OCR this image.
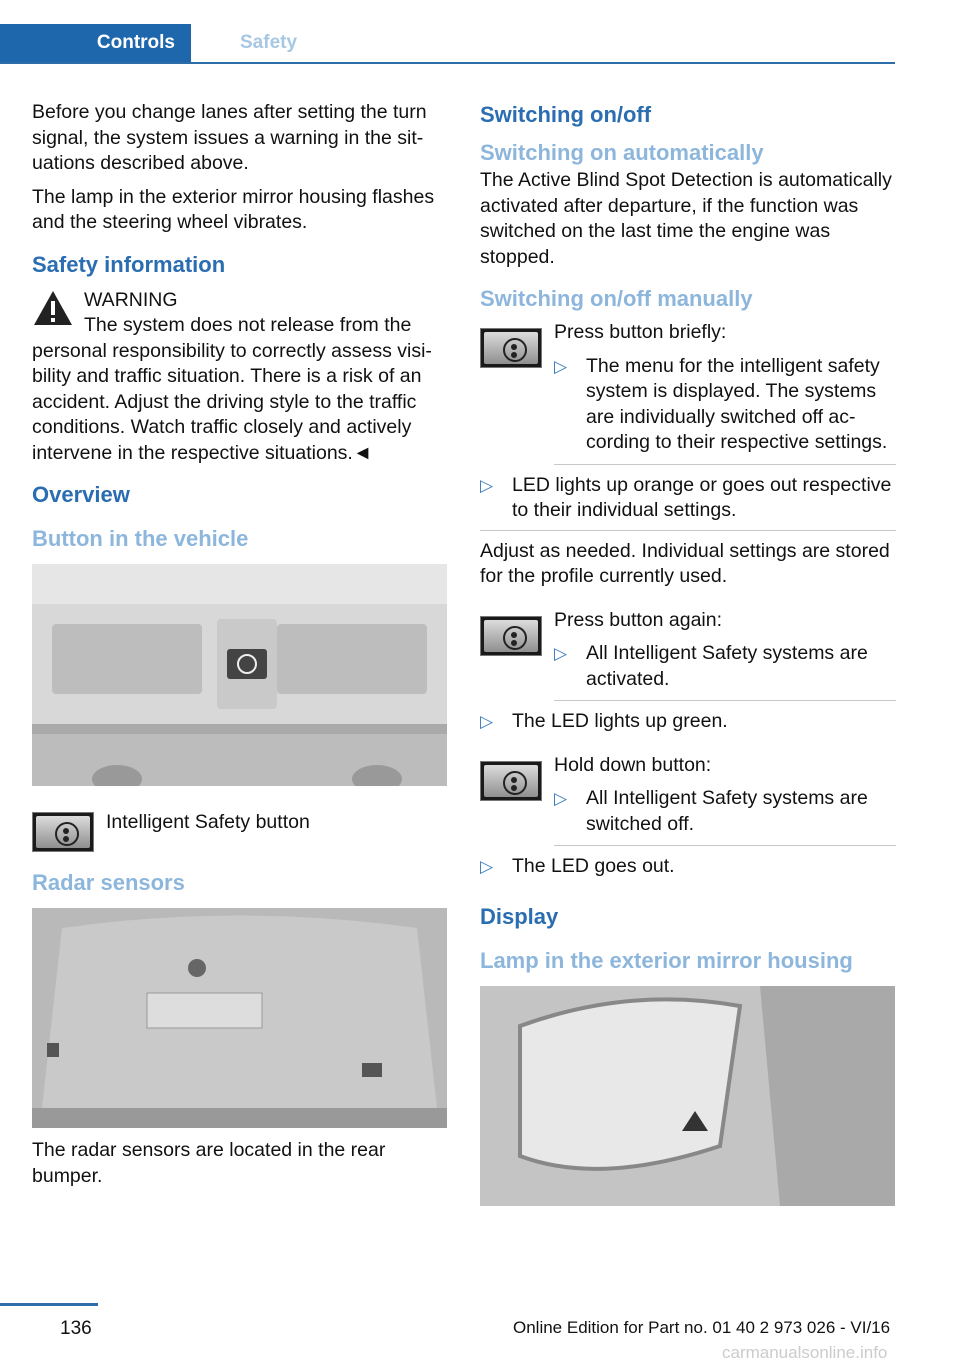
Controls	Safety

Before you change lanes after setting the turn signal, the system issues a warning in the situations described above.

The lamp in the exterior mirror housing flashes and the steering wheel vibrates.

Safety information

WARNING

The system does not release from the personal responsibility to correctly assess visibility and traffic situation. There is a risk of an accident. Adjust the driving style to the traffic conditions. Watch traffic closely and actively intervene in the respective situations.◄

Overview
Button in the vehicle
Intelligent Safety button
Radar sensors

The radar sensors are located in the rear bumper.

Switching on/off
Switching on automatically

The Active Blind Spot Detection is automatically activated after departure, if the function was switched on the last time the engine was stopped.

Switching on/off manually

Press button briefly:

▷ The menu for the intelligent safety system is displayed. The systems are individually switched off according to their respective settings.
▷ LED lights up orange or goes out respective to their individual settings.

Adjust as needed. Individual settings are stored for the profile currently used.

Press button again:

▷ All Intelligent Safety systems are activated.
▷ The LED lights up green.

Hold down button:

▷ All Intelligent Safety systems are switched off.
▷ The LED goes out.
Display
Lamp in the exterior mirror housing
136	Online Edition for Part no. 01 40 2 973 026 - VI/16
carmanualsonline.info
